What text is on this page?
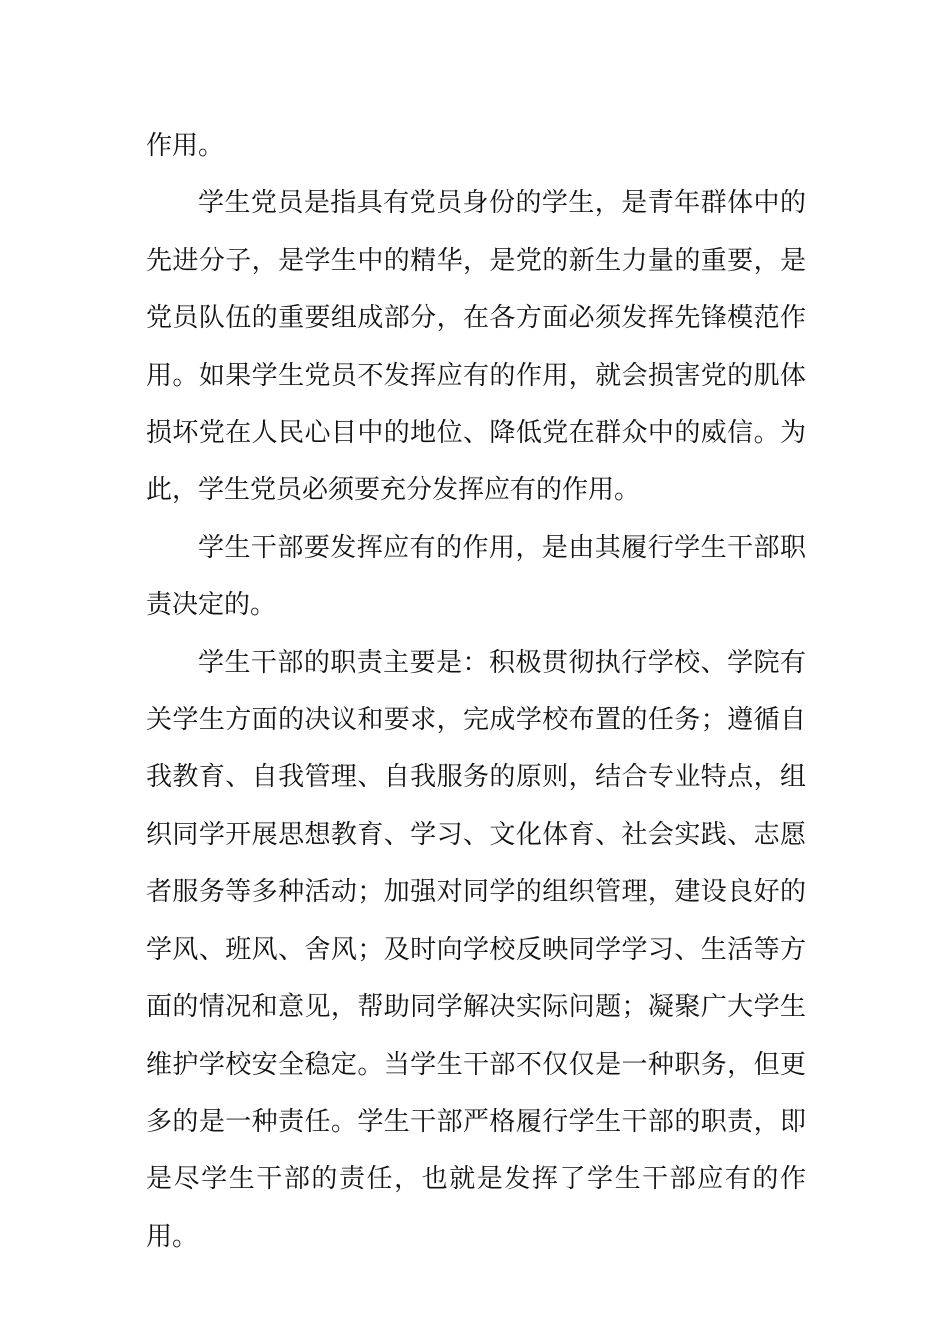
作用。

学生党员是指具有党员身份的学生，是青年群体中的先进分子，是学生中的精华，是党的新生力量的重要，是党员队伍的重要组成部分，在各方面必须发挥先锋模范作用。如果学生党员不发挥应有的作用，就会损害党的肌体损坏党在人民心目中的地位、降低党在群众中的威信。为此，学生党员必须要充分发挥应有的作用。

学生干部要发挥应有的作用，是由其履行学生干部职责决定的。

学生干部的职责主要是：积极贯彻执行学校、学院有关学生方面的决议和要求，完成学校布置的任务；遵循自我教育、自我管理、自我服务的原则，结合专业特点，组织同学开展思想教育、学习、文化体育、社会实践、志愿者服务等多种活动；加强对同学的组织管理，建设良好的学风、班风、舍风；及时向学校反映同学学习、生活等方面的情况和意见，帮助同学解决实际问题；凝聚广大学生维护学校安全稳定。当学生干部不仅仅是一种职务，但更多的是一种责任。学生干部严格履行学生干部的职责，即是尽学生干部的责任，也就是发挥了学生干部应有的作用。
